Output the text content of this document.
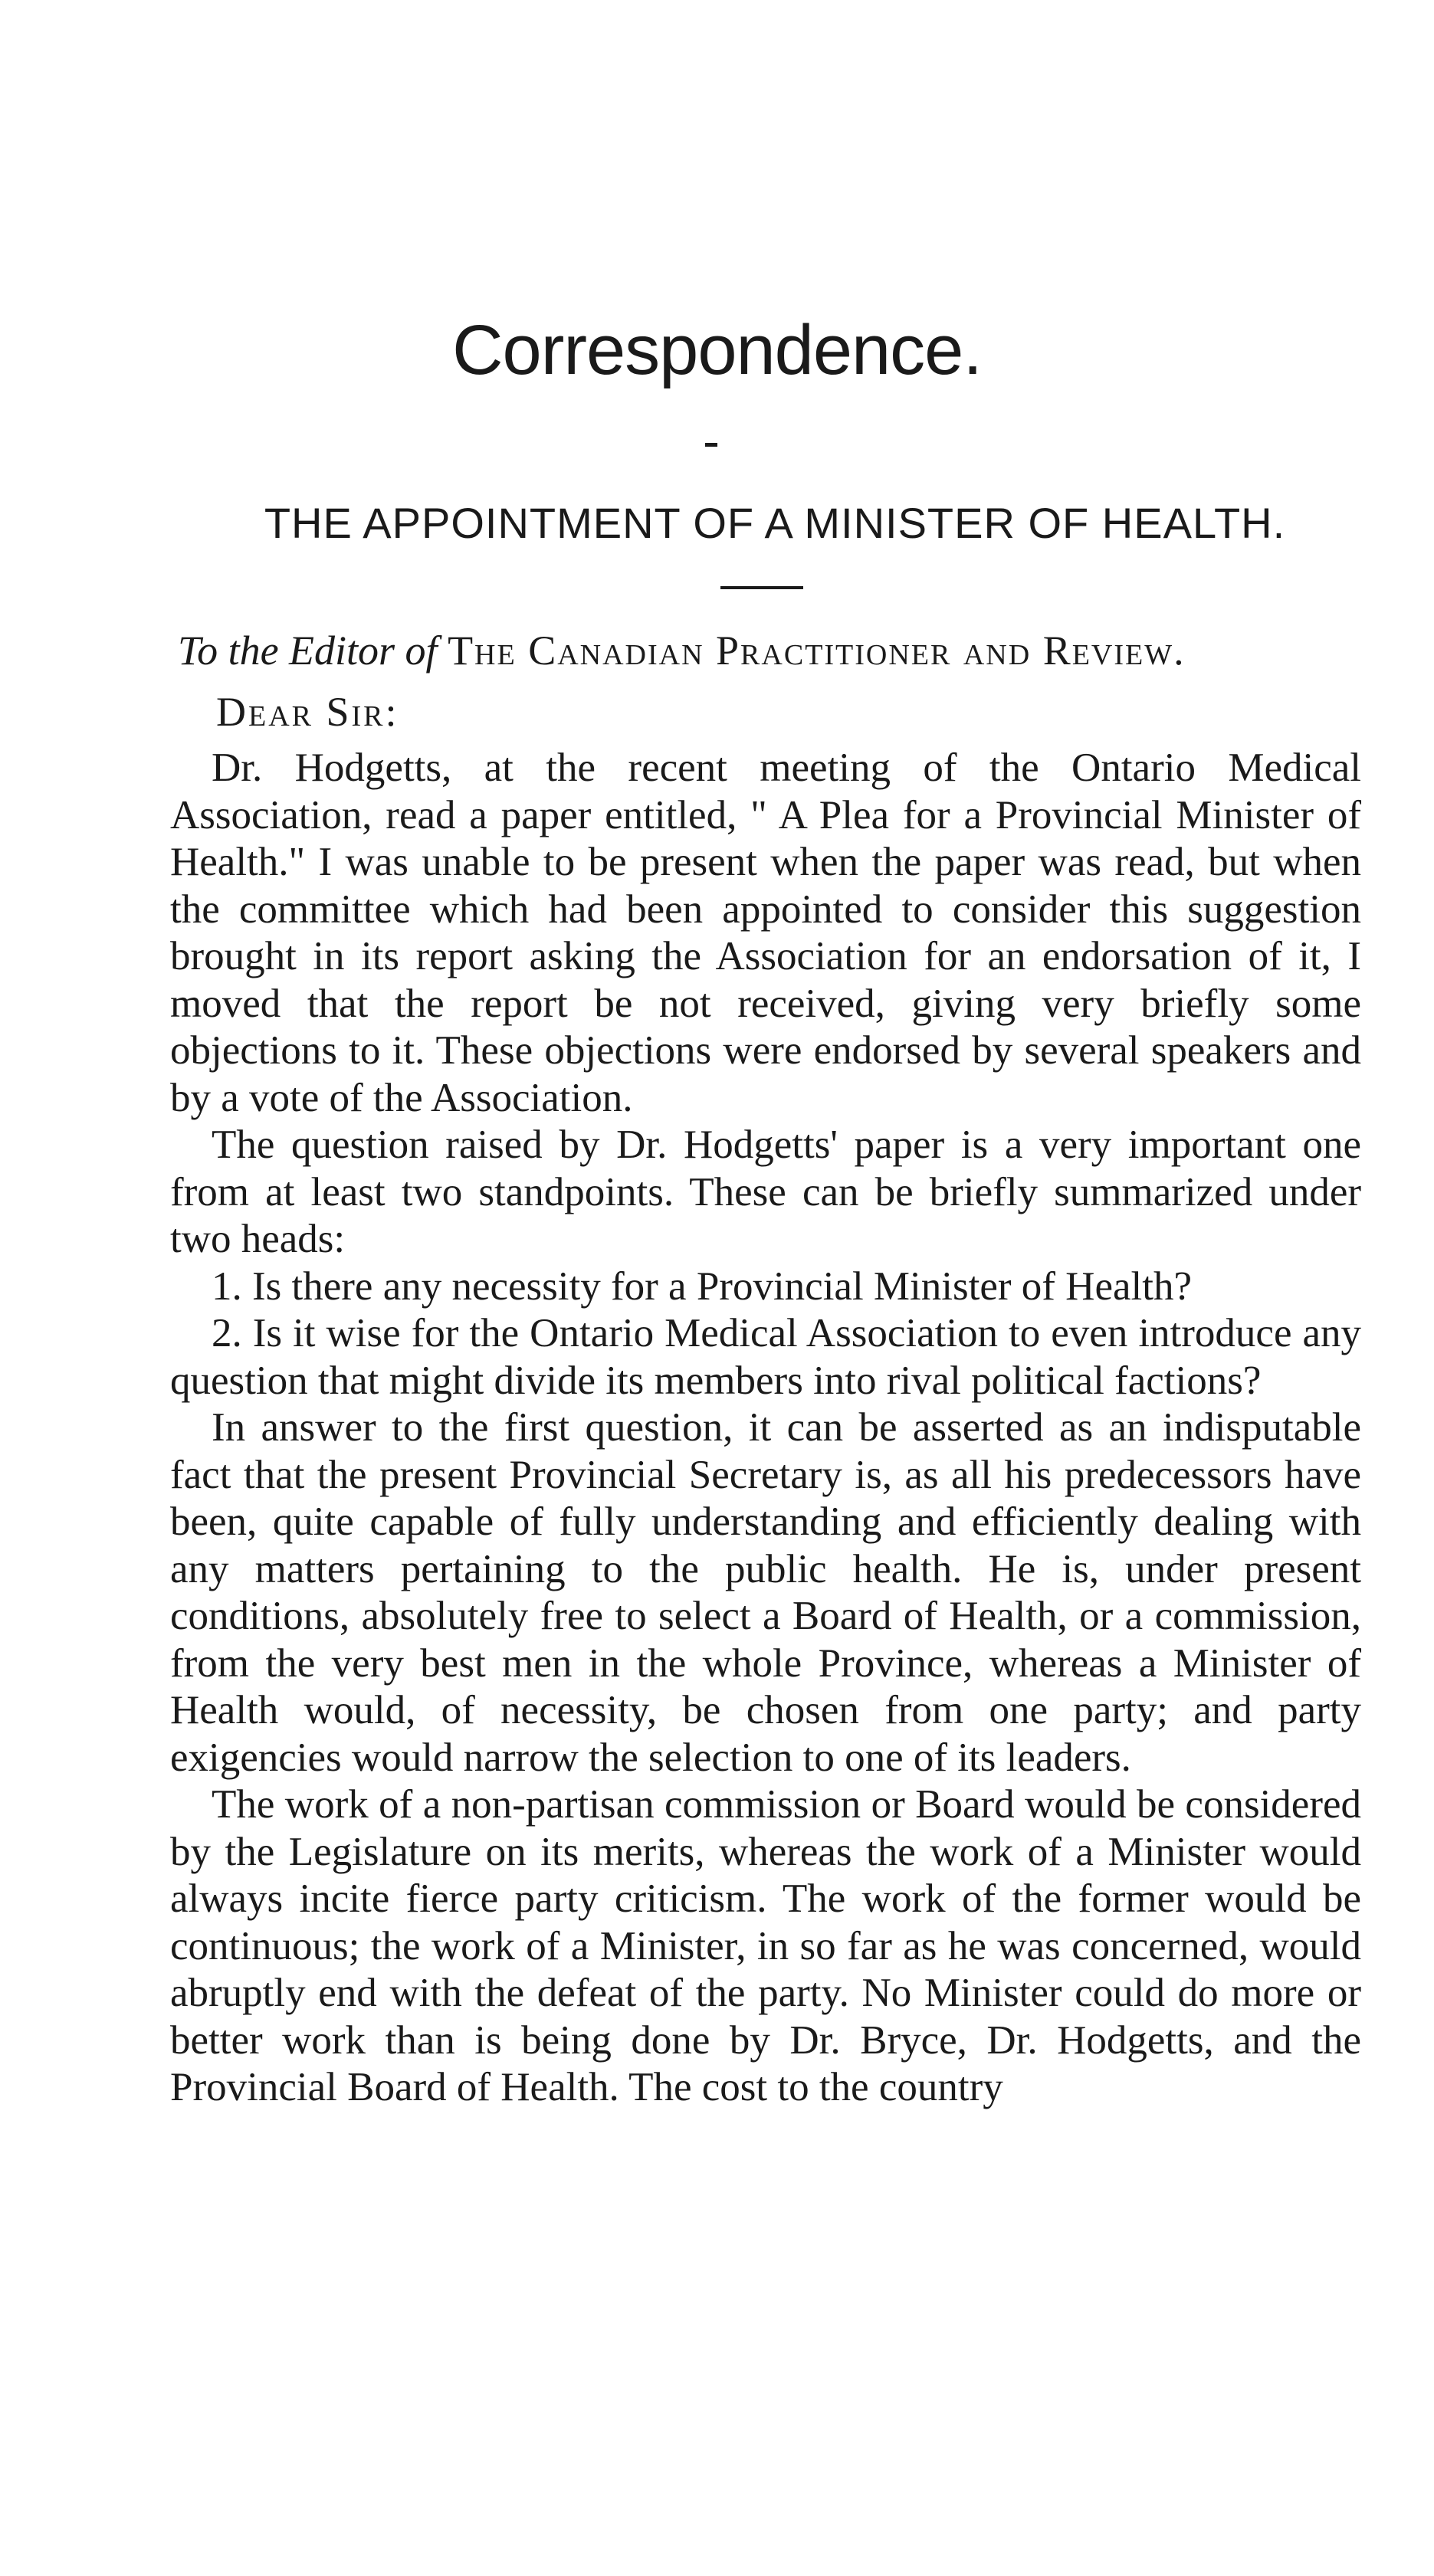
Correspondence.
THE APPOINTMENT OF A MINISTER OF HEALTH.
To the Editor of The Canadian Practitioner and Review.
Dear Sir:

Dr. Hodgetts, at the recent meeting of the Ontario Medical Association, read a paper entitled, " A Plea for a Provincial Minister of Health." I was unable to be present when the paper was read, but when the committee which had been appointed to consider this suggestion brought in its report asking the Association for an endorsation of it, I moved that the report be not received, giving very briefly some objections to it. These objections were endorsed by several speakers and by a vote of the Association.

The question raised by Dr. Hodgetts' paper is a very important one from at least two standpoints. These can be briefly summarized under two heads:

1. Is there any necessity for a Provincial Minister of Health?

2. Is it wise for the Ontario Medical Association to even introduce any question that might divide its members into rival political factions?

In answer to the first question, it can be asserted as an indisputable fact that the present Provincial Secretary is, as all his predecessors have been, quite capable of fully understanding and efficiently dealing with any matters pertaining to the public health. He is, under present conditions, absolutely free to select a Board of Health, or a commission, from the very best men in the whole Province, whereas a Minister of Health would, of necessity, be chosen from one party; and party exigencies would narrow the selection to one of its leaders.

The work of a non-partisan commission or Board would be considered by the Legislature on its merits, whereas the work of a Minister would always incite fierce party criticism. The work of the former would be continuous; the work of a Minister, in so far as he was concerned, would abruptly end with the defeat of the party. No Minister could do more or better work than is being done by Dr. Bryce, Dr. Hodgetts, and the Provincial Board of Health. The cost to the country
